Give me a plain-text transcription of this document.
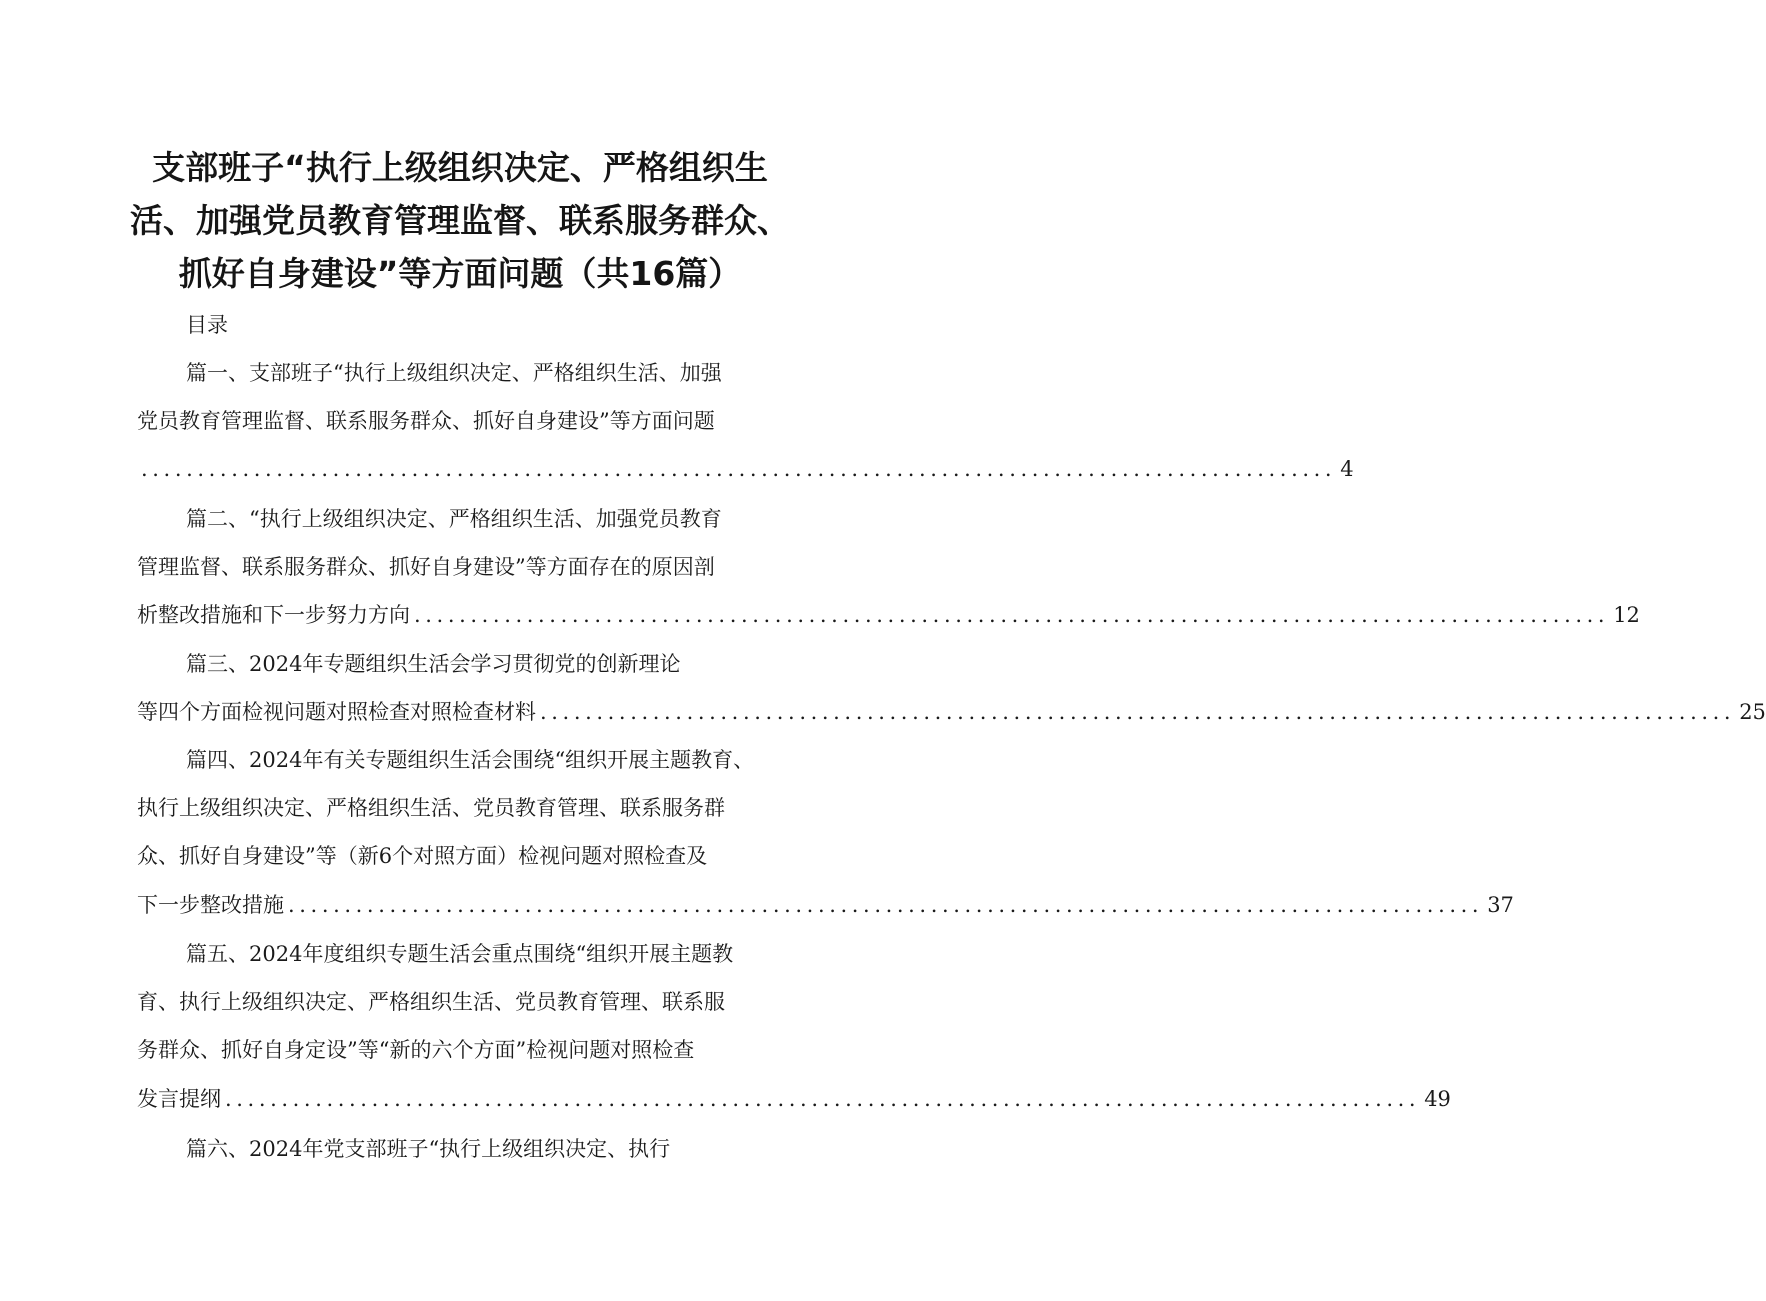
支部班子“执行上级组织决定、严格组织生
活、加强党员教育管理监督、联系服务群众、
抓好自身建设”等方面问题（共16篇）
目录
篇一、支部班子“执行上级组织决定、严格组织生活、加强
党员教育管理监督、联系服务群众、抓好自身建设”等方面问题
.......................................................................................................... 4
篇二、“执行上级组织决定、严格组织生活、加强党员教育
管理监督、联系服务群众、抓好自身建设”等方面存在的原因剖
析整改措施和下一步努力方向 .......................................................................................................... 12
篇三、2024年专题组织生活会学习贯彻党的创新理论
等四个方面检视问题对照检查对照检查材料 .......................................................................................................... 25
篇四、2024年有关专题组织生活会围绕“组织开展主题教育、
执行上级组织决定、严格组织生活、党员教育管理、联系服务群
众、抓好自身建设”等（新6个对照方面）检视问题对照检查及
下一步整改措施 .......................................................................................................... 37
篇五、2024年度组织专题生活会重点围绕“组织开展主题教
育、执行上级组织决定、严格组织生活、党员教育管理、联系服
务群众、抓好自身定设”等“新的六个方面”检视问题对照检查
发言提纲 .......................................................................................................... 49
篇六、2024年党支部班子“执行上级组织决定、执行
